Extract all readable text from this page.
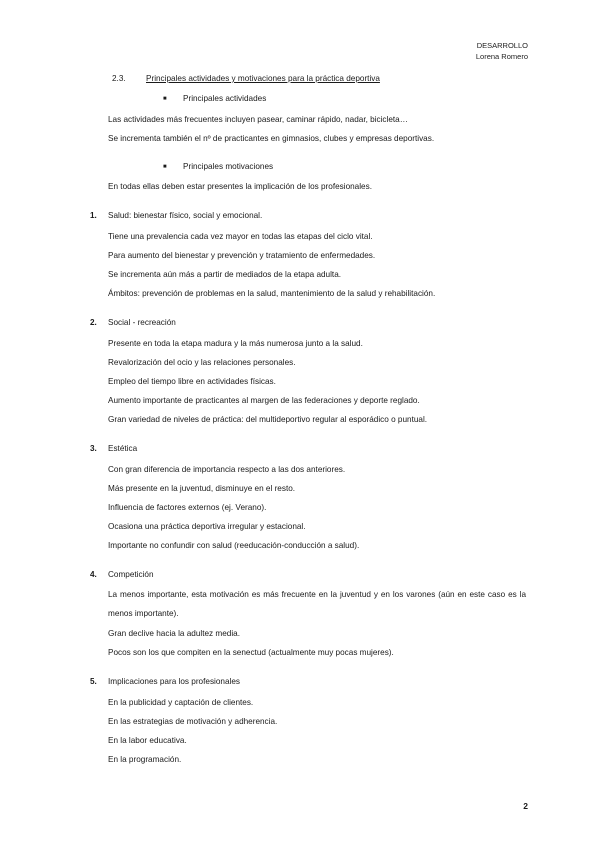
DESARROLLO
Lorena Romero
2.3. Principales actividades y motivaciones para la práctica deportiva
■ Principales actividades
Las actividades más frecuentes incluyen pasear, caminar rápido, nadar, bicicleta…
Se incrementa también el nº de practicantes en gimnasios, clubes y empresas deportivas.
■ Principales motivaciones
En todas ellas deben estar presentes la implicación de los profesionales.
1. Salud: bienestar físico, social y emocional.
Tiene una prevalencia cada vez mayor en todas las etapas del ciclo vital.
Para aumento del bienestar y prevención y tratamiento de enfermedades.
Se incrementa aún más a partir de mediados de la etapa adulta.
Ámbitos: prevención de problemas en la salud, mantenimiento de la salud y rehabilitación.
2. Social - recreación
Presente en toda la etapa madura y la más numerosa junto a la salud.
Revalorización del ocio y las relaciones personales.
Empleo del tiempo libre en actividades físicas.
Aumento importante de practicantes al margen de las federaciones y deporte reglado.
Gran variedad de niveles de práctica: del multideportivo regular al esporádico o puntual.
3. Estética
Con gran diferencia de importancia respecto a las dos anteriores.
Más presente en la juventud, disminuye en el resto.
Influencia de factores externos (ej. Verano).
Ocasiona una práctica deportiva irregular y estacional.
Importante no confundir con salud (reeducación-conducción a salud).
4. Competición
La menos importante, esta motivación es más frecuente en la juventud y en los varones (aún en este caso es la menos importante).
Gran declive hacia la adultez media.
Pocos son los que compiten en la senectud (actualmente muy pocas mujeres).
5. Implicaciones para los profesionales
En la publicidad y captación de clientes.
En las estrategias de motivación y adherencia.
En la labor educativa.
En la programación.
2
